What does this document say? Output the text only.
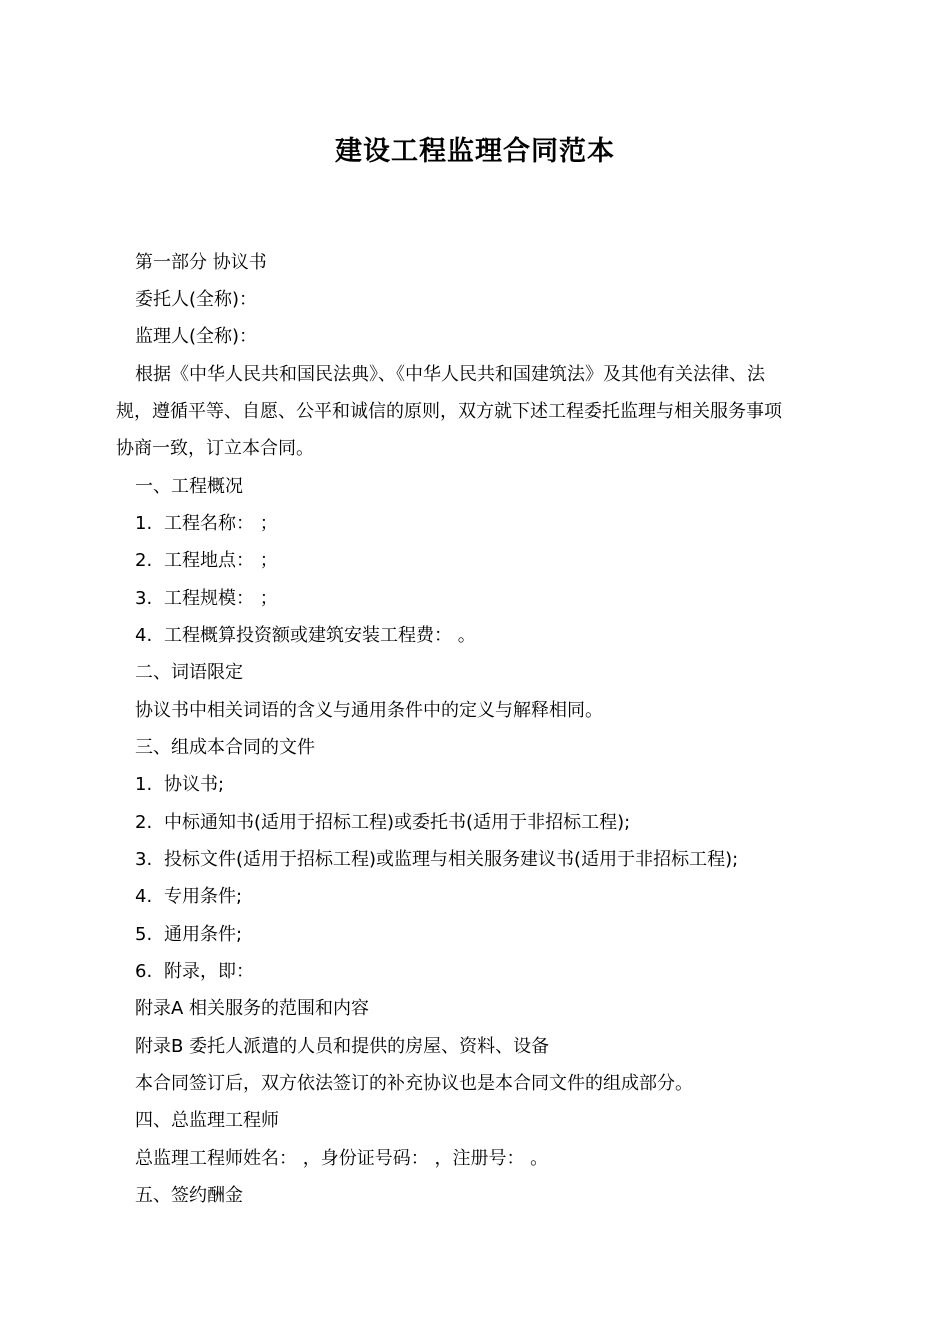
建设工程监理合同范本
第一部分 协议书
委托人(全称)：
监理人(全称)：
根据《中华人民共和国民法典》、《中华人民共和国建筑法》及其他有关法律、法
规，遵循平等、自愿、公平和诚信的原则，双方就下述工程委托监理与相关服务事项
协商一致，订立本合同。
一、工程概况
1. 工程名称： ；
2. 工程地点： ；
3. 工程规模： ；
4. 工程概算投资额或建筑安装工程费： 。
二、词语限定
协议书中相关词语的含义与通用条件中的定义与解释相同。
三、组成本合同的文件
1. 协议书;
2. 中标通知书(适用于招标工程)或委托书(适用于非招标工程);
3. 投标文件(适用于招标工程)或监理与相关服务建议书(适用于非招标工程);
4. 专用条件;
5. 通用条件;
6. 附录，即：
附录A 相关服务的范围和内容
附录B 委托人派遣的人员和提供的房屋、资料、设备
本合同签订后，双方依法签订的补充协议也是本合同文件的组成部分。
四、总监理工程师
总监理工程师姓名： ，身份证号码： ，注册号： 。
五、签约酬金
